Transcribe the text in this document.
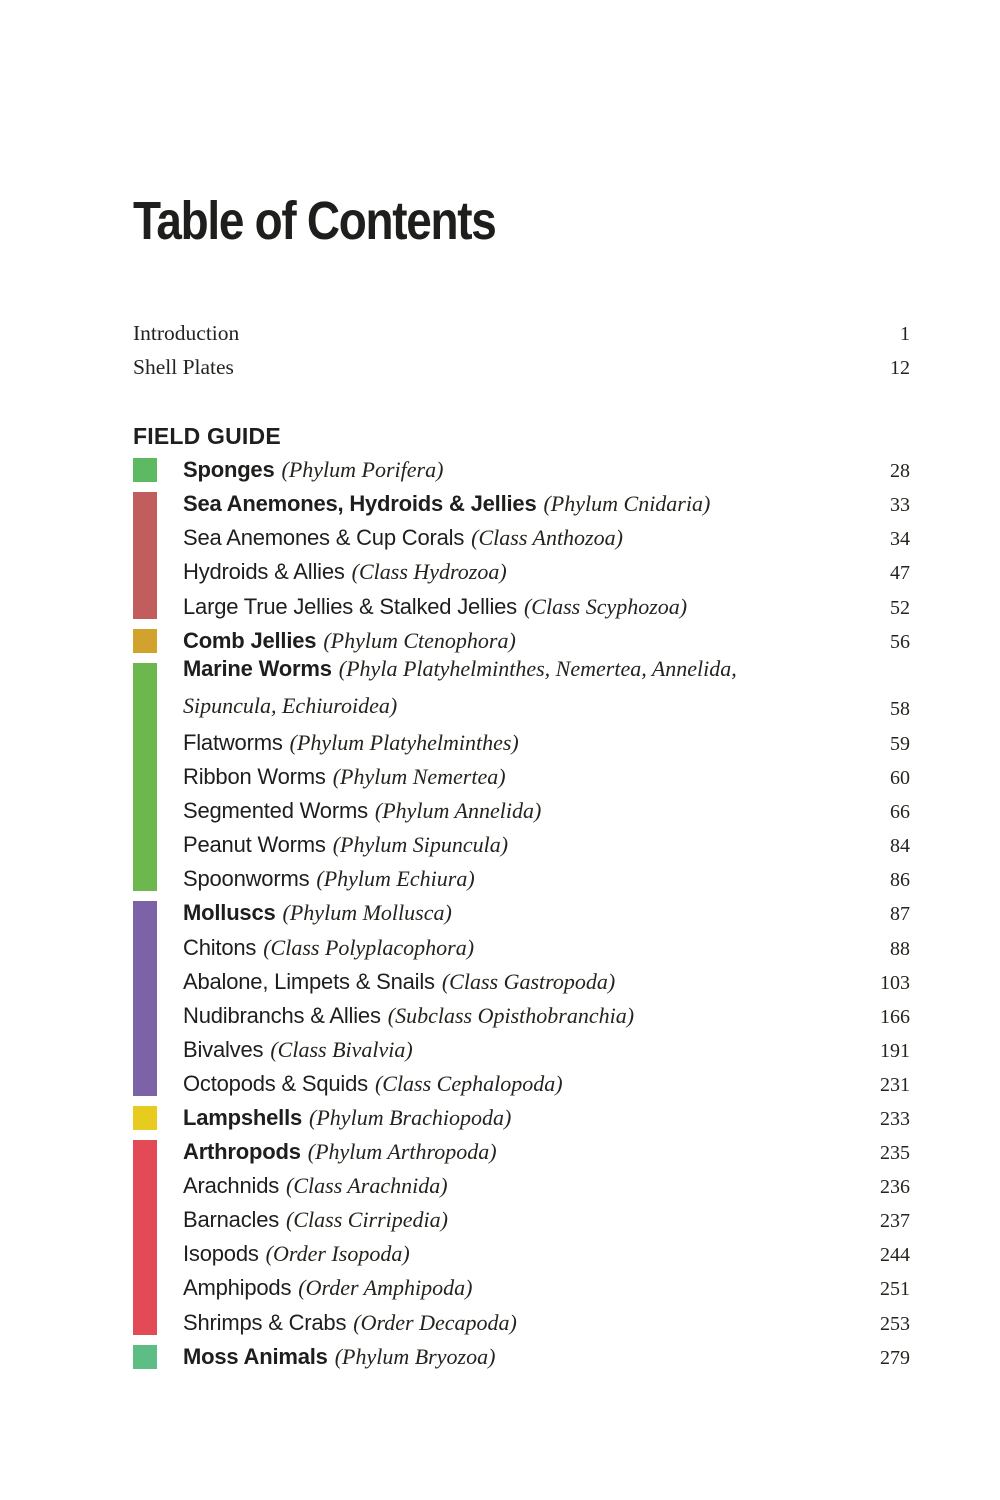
Table of Contents
Introduction	1
Shell Plates	12
FIELD GUIDE
Sponges (Phylum Porifera)	28
Sea Anemones, Hydroids & Jellies (Phylum Cnidaria)	33
Sea Anemones & Cup Corals (Class Anthozoa)	34
Hydroids & Allies (Class Hydrozoa)	47
Large True Jellies & Stalked Jellies (Class Scyphozoa)	52
Comb Jellies (Phylum Ctenophora)	56
Marine Worms (Phyla Platyhelminthes, Nemertea, Annelida,
Sipuncula, Echiuroidea)	58
Flatworms (Phylum Platyhelminthes)	59
Ribbon Worms (Phylum Nemertea)	60
Segmented Worms (Phylum Annelida)	66
Peanut Worms (Phylum Sipuncula)	84
Spoonworms (Phylum Echiura)	86
Molluscs (Phylum Mollusca)	87
Chitons (Class Polyplacophora)	88
Abalone, Limpets & Snails (Class Gastropoda)	103
Nudibranchs & Allies (Subclass Opisthobranchia)	166
Bivalves (Class Bivalvia)	191
Octopods & Squids (Class Cephalopoda)	231
Lampshells (Phylum Brachiopoda)	233
Arthropods (Phylum Arthropoda)	235
Arachnids (Class Arachnida)	236
Barnacles (Class Cirripedia)	237
Isopods (Order Isopoda)	244
Amphipods (Order Amphipoda)	251
Shrimps & Crabs (Order Decapoda)	253
Moss Animals (Phylum Bryozoa)	279
